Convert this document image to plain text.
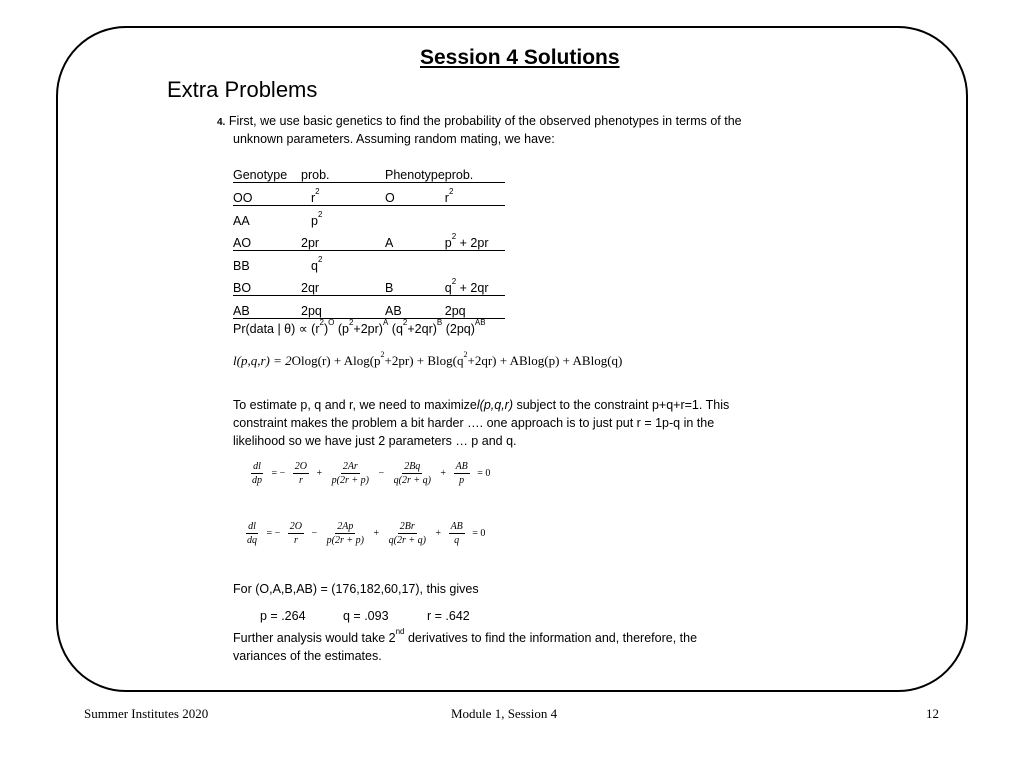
Session 4 Solutions
Extra Problems
4. First, we use basic genetics to find the probability of the observed phenotypes in terms of the
unknown parameters. Assuming random mating, we have:
Genotype	prob.	Phenotype	prob.
OO	$r^2$	O	$r^2$
AA	$p^2$		
AO	2pr	A	$p^2 + 2pr$
BB	$q^2$		
BO	2qr	B	$q^2 + 2qr$
AB	2pq	AB	2pq
Pr(data | $\theta) \propto (r^2)^O$ $(p^2+2pr)^A$ $(q^2+2qr)^B$ $(2pq)^{AB}$
$l(p,q,r) = 2Olog(r) + Alog(p^2+2pr) + Blog(q^2+2qr) + ABlog(p) + ABlog(q)$
To estimate p, q and r, we need to maximizel(p,q,r) subject to the constraint p+q+r=1. This
constraint makes the problem a bit harder …. one approach is to just put r = 1p-q in the
likelihood so we have just 2 parameters … p and q.
$\frac{dl}{dp}$ = − $\frac{2O}{r} + \frac{2Ar}{p(2r + p)} - \frac{2Bq}{q(2r + q)} + \frac{AB}{p} = 0$
$\frac{dl}{dq}$ = − $\frac{2O}{r} - \frac{2Ap}{p(2r + p)} + \frac{2Br}{q(2r + q)} + \frac{AB}{q} = 0$
For (O,A,B,AB) = (176,182,60,17), this gives
p = .264	q = .093	r = .642
Further analysis would take 2nd derivatives to find the information and, therefore, the
variances of the estimates.
Summer Institutes 2020	Module 1, Session 4	12
